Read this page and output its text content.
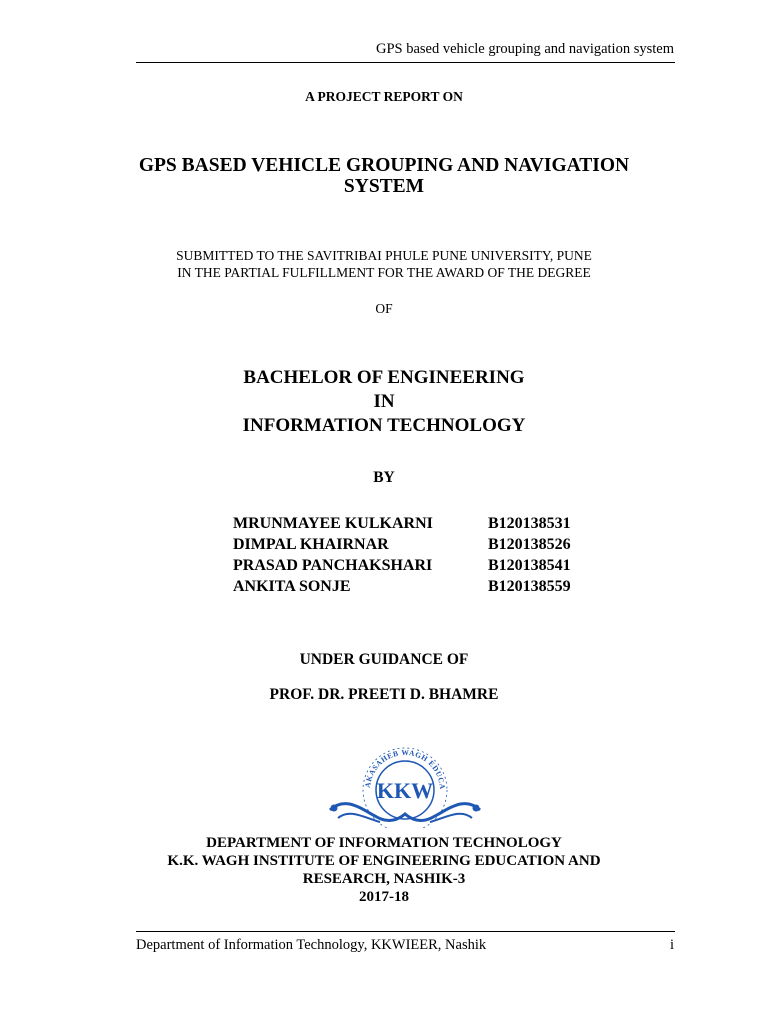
GPS based vehicle grouping and navigation system
A PROJECT REPORT ON
GPS BASED VEHICLE GROUPING AND NAVIGATION
SYSTEM
SUBMITTED TO THE SAVITRIBAI PHULE PUNE UNIVERSITY, PUNE
IN THE PARTIAL FULFILLMENT FOR THE AWARD OF THE DEGREE
OF
BACHELOR OF ENGINEERING
IN
INFORMATION TECHNOLOGY
BY
MRUNMAYEE KULKARNI	B120138531
DIMPAL KHAIRNAR	B120138526
PRASAD PANCHAKSHARI	B120138541
ANKITA SONJE	B120138559
UNDER GUIDANCE OF
PROF. DR. PREETI D. BHAMRE
AKASAHEB WAGH EDUCA
KKW
DEPARTMENT OF INFORMATION TECHNOLOGY
K.K. WAGH INSTITUTE OF ENGINEERING EDUCATION AND
RESEARCH, NASHIK-3
2017-18
Department of Information Technology, KKWIEER, Nashik	i
